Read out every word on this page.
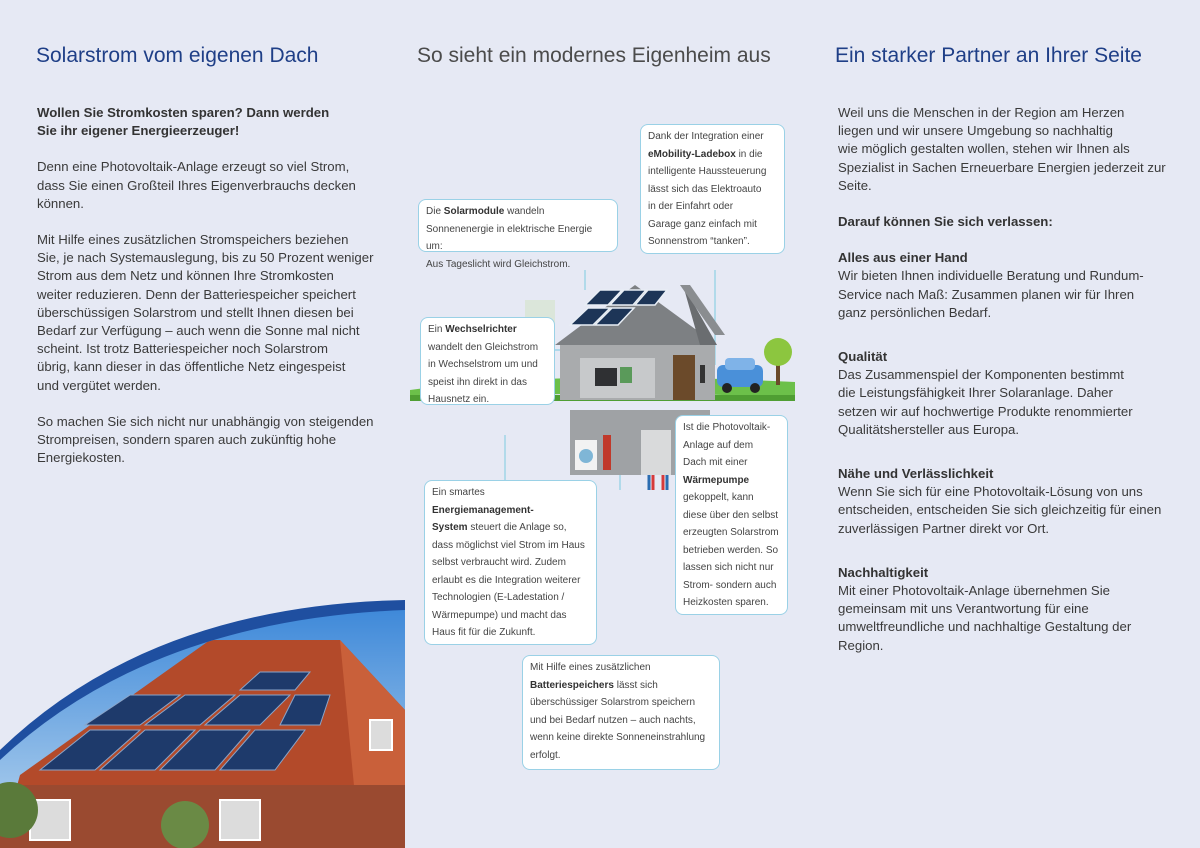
Solarstrom vom eigenen Dach

Wollen Sie Stromkosten sparen? Dann werden
Sie ihr eigener Energieerzeuger!

Denn eine Photovoltaik-Anlage erzeugt so viel Strom,
dass Sie einen Großteil Ihres Eigenverbrauchs decken
können.

Mit Hilfe eines zusätzlichen Stromspeichers beziehen
Sie, je nach Systemauslegung, bis zu 50 Prozent weniger
Strom aus dem Netz und können Ihre Stromkosten
weiter reduzieren. Denn der Batteriespeicher speichert
überschüssigen Solarstrom und stellt Ihnen diesen bei
Bedarf zur Verfügung – auch wenn die Sonne mal nicht
scheint. Ist trotz Batteriespeicher noch Solarstrom
übrig, kann dieser in das öffentliche Netz eingespeist
und vergütet werden.

So machen Sie sich nicht nur unabhängig von steigenden
Strompreisen, sondern sparen auch zukünftig hohe
Energiekosten.

So sieht ein modernes Eigenheim aus
Die Solarmodule wandeln
Sonnenenergie in elektrische Energie um:
Aus Tageslicht wird Gleichstrom.
Dank der Integration einer
eMobility-Ladebox in die
intelligente Haussteuerung
lässt sich das Elektroauto
in der Einfahrt oder
Garage ganz einfach mit
Sonnenstrom “tanken”.
Ein Wechselrichter
wandelt den Gleichstrom
in Wechselstrom um und
speist ihn direkt in das
Hausnetz ein.
Ist die Photovoltaik-
Anlage auf dem
Dach mit einer
Wärmepumpe
gekoppelt, kann
diese über den selbst
erzeugten Solarstrom
betrieben werden. So
lassen sich nicht nur
Strom- sondern auch
Heizkosten sparen.
Ein smartes
Energiemanagement-
System steuert die Anlage so,
dass möglichst viel Strom im Haus
selbst verbraucht wird. Zudem
erlaubt es die Integration weiterer
Technologien (E-Ladestation /
Wärmepumpe) und macht das
Haus fit für die Zukunft.
Mit Hilfe eines zusätzlichen
Batteriespeichers lässt sich
überschüssiger Solarstrom speichern
und bei Bedarf nutzen – auch nachts,
wenn keine direkte Sonneneinstrahlung
erfolgt.
Ein starker Partner an Ihrer Seite

Weil uns die Menschen in der Region am Herzen
liegen und wir unsere Umgebung so nachhaltig
wie möglich gestalten wollen, stehen wir Ihnen als
Spezialist in Sachen Erneuerbare Energien jederzeit zur
Seite.

Darauf können Sie sich verlassen:

Alles aus einer Hand
Wir bieten Ihnen individuelle Beratung und Rundum-
Service nach Maß: Zusammen planen wir für Ihren
ganz persönlichen Bedarf.

Qualität
Das Zusammenspiel der Komponenten bestimmt
die Leistungsfähigkeit Ihrer Solaranlage. Daher
setzen wir auf hochwertige Produkte renommierter
Qualitätshersteller aus Europa.

Nähe und Verlässlichkeit
Wenn Sie sich für eine Photovoltaik-Lösung von uns
entscheiden, entscheiden Sie sich gleichzeitig für einen
zuverlässigen Partner direkt vor Ort.

Nachhaltigkeit
Mit einer Photovoltaik-Anlage übernehmen Sie
gemeinsam mit uns Verantwortung für eine
umweltfreundliche und nachhaltige Gestaltung der
Region.
